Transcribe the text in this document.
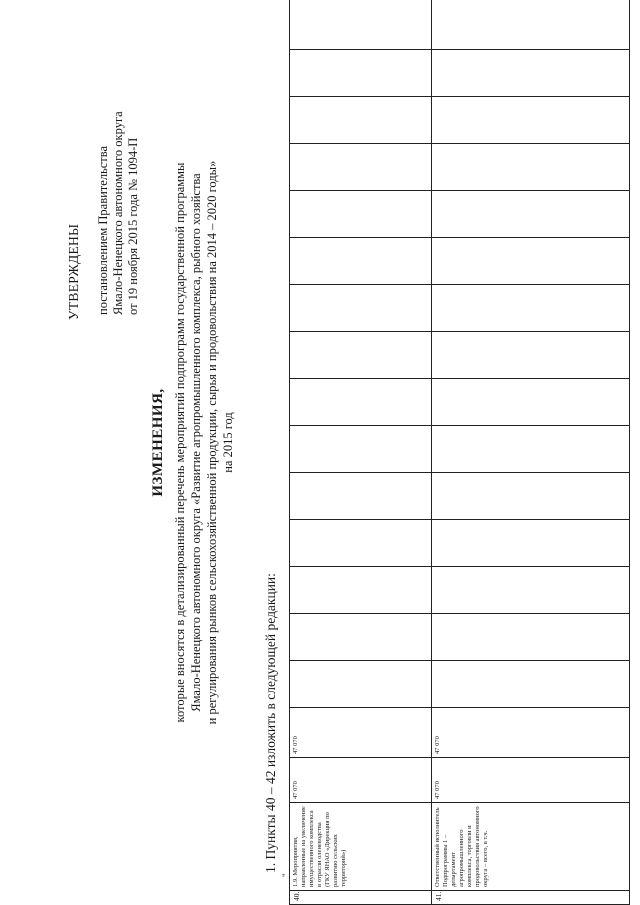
УТВЕРЖДЕНЫ постановлением Правительства Ямало-Ненецкого автономного округа от 19 ноября 2015 года № 1094-П
ИЗМЕНЕНИЯ, которые вносятся в детализированный перечень мероприятий подпрограмм государственной программы Ямало-Ненецкого автономного округа «Развитие агропромышленного комплекса, рыбного хозяйства и регулирования рынков сельскохозяйственной продукции, сырья и продовольствия на 2014 – 2020 годы» на 2015 год
1. Пункты 40 – 42 изложить в следующей редакции:
"
40.	1.9. Мероприятия, направленные на увеличение имущественного комплекса в отрасли оленеводства (ГКУ ЯНАО «Дирекция по развитию сельских территорий»)	47 070	47 070																
41.	Ответственный исполнитель Подпрограммы 1 – департамент агропромышленного комплекса, торговли и продовольствия автономного округа – всего, в т.ч.	47 070	47 070																
